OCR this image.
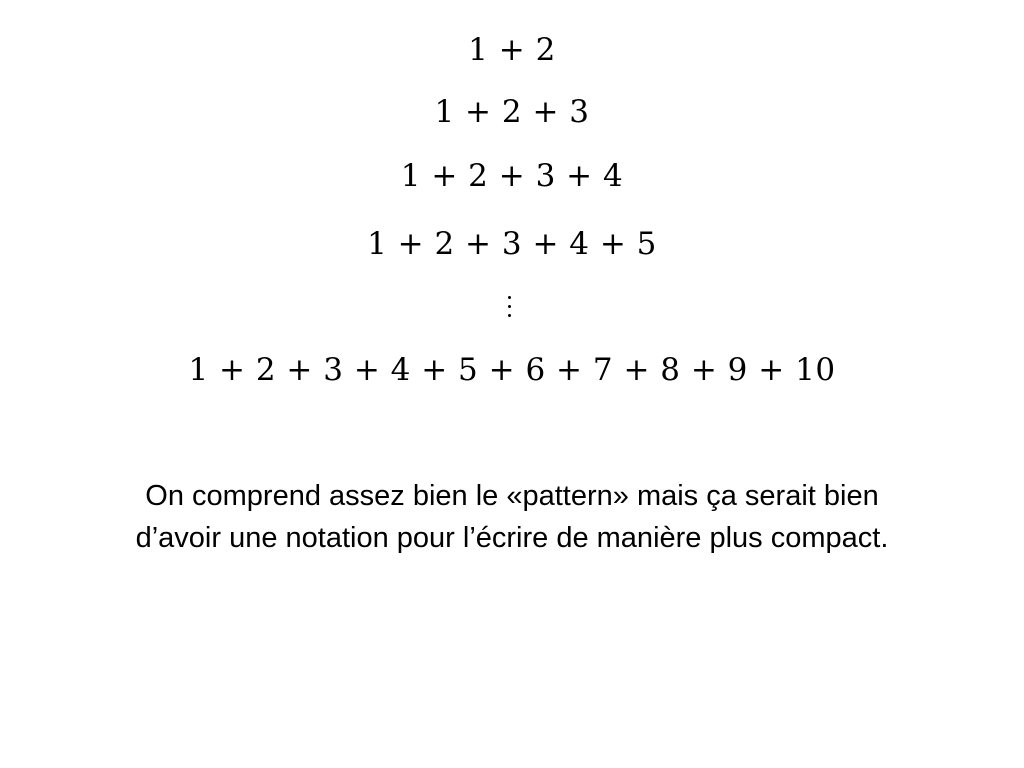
1 + 2
1 + 2 + 3
1 + 2 + 3 + 4
1 + 2 + 3 + 4 + 5
1 + 2 + 3 + 4 + 5 + 6 + 7 + 8 + 9 + 10
On comprend assez bien le «pattern» mais ça serait bien
d’avoir une notation pour l’écrire de manière plus compact.
